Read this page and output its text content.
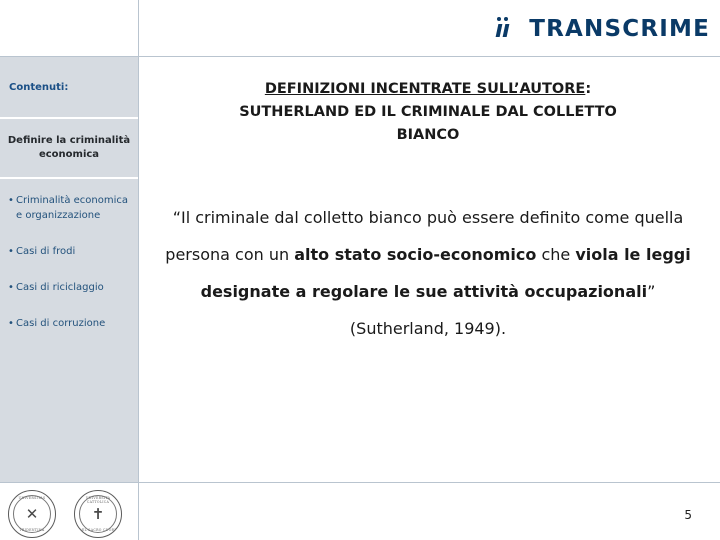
TRANSCRIME
Contenuti:
Definire la criminalità economica
• Criminalità economica e organizzazione
• Casi di frodi
• Casi di riciclaggio
• Casi di corruzione
DEFINIZIONI INCENTRATE SULL’AUTORE:
SUTHERLAND ED IL CRIMINALE DAL COLLETTO
BIANCO
“Il criminale dal colletto bianco può essere definito come quella persona con un alto stato socio-economico che viola le leggi designate a regolare le sue attività occupazionali” (Sutherland, 1949).
UNIVERSITAS
✕
TRIDENTINA
UNIVERSITA CATTOLICA
✝
DEL SACRO CUORE
5
